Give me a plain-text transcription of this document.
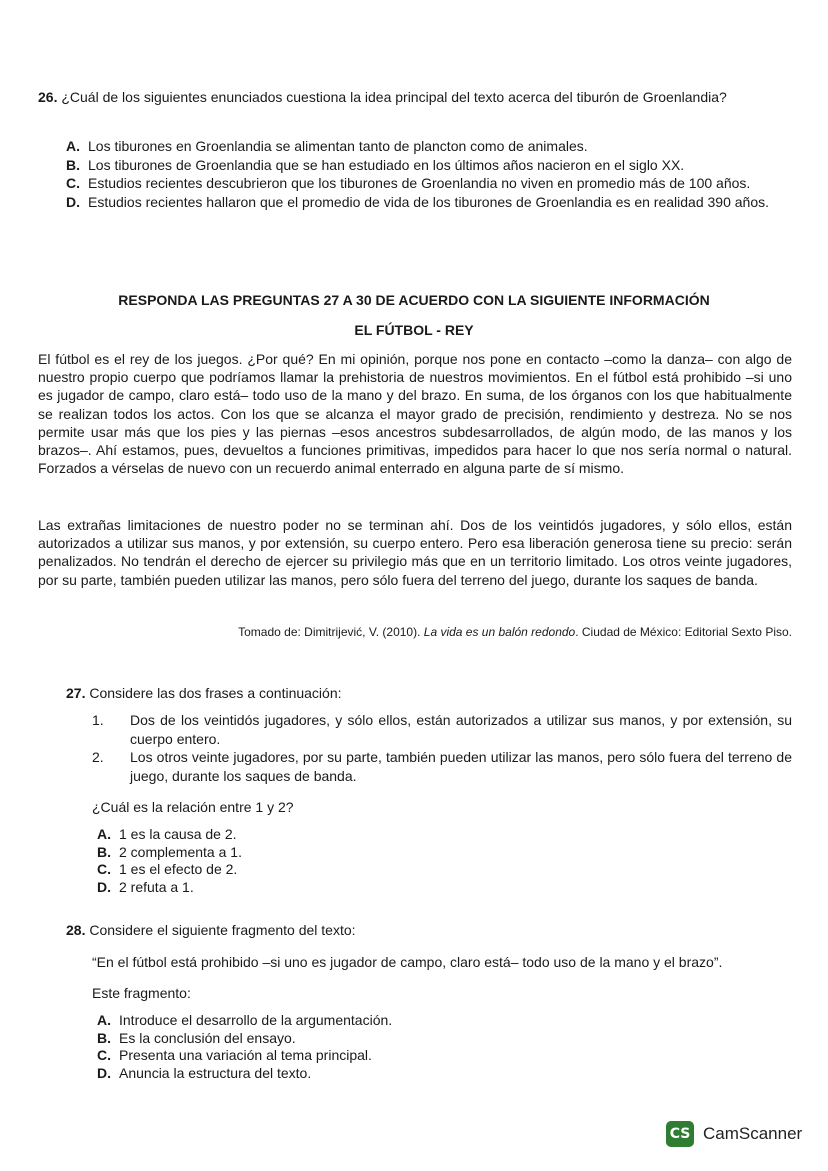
26. ¿Cuál de los siguientes enunciados cuestiona la idea principal del texto acerca del tiburón de Groenlandia?
A. Los tiburones en Groenlandia se alimentan tanto de plancton como de animales.
B. Los tiburones de Groenlandia que se han estudiado en los últimos años nacieron en el siglo XX.
C. Estudios recientes descubrieron que los tiburones de Groenlandia no viven en promedio más de 100 años.
D. Estudios recientes hallaron que el promedio de vida de los tiburones de Groenlandia es en realidad 390 años.
RESPONDA LAS PREGUNTAS 27 A 30 DE ACUERDO CON LA SIGUIENTE INFORMACIÓN
EL FÚTBOL - REY
El fútbol es el rey de los juegos. ¿Por qué? En mi opinión, porque nos pone en contacto –como la danza– con algo de nuestro propio cuerpo que podríamos llamar la prehistoria de nuestros movimientos. En el fútbol está prohibido –si uno es jugador de campo, claro está– todo uso de la mano y del brazo. En suma, de los órganos con los que habitualmente se realizan todos los actos. Con los que se alcanza el mayor grado de precisión, rendimiento y destreza. No se nos permite usar más que los pies y las piernas –esos ancestros subdesarrollados, de algún modo, de las manos y los brazos–. Ahí estamos, pues, devueltos a funciones primitivas, impedidos para hacer lo que nos sería normal o natural. Forzados a vérselas de nuevo con un recuerdo animal enterrado en alguna parte de sí mismo.
Las extrañas limitaciones de nuestro poder no se terminan ahí. Dos de los veintidós jugadores, y sólo ellos, están autorizados a utilizar sus manos, y por extensión, su cuerpo entero. Pero esa liberación generosa tiene su precio: serán penalizados. No tendrán el derecho de ejercer su privilegio más que en un territorio limitado. Los otros veinte jugadores, por su parte, también pueden utilizar las manos, pero sólo fuera del terreno del juego, durante los saques de banda.
Tomado de: Dimitrijević, V. (2010). La vida es un balón redondo. Ciudad de México: Editorial Sexto Piso.
27. Considere las dos frases a continuación:
1.	Dos de los veintidós jugadores, y sólo ellos, están autorizados a utilizar sus manos, y por extensión, su cuerpo entero.
2.	Los otros veinte jugadores, por su parte, también pueden utilizar las manos, pero sólo fuera del terreno de juego, durante los saques de banda.
¿Cuál es la relación entre 1 y 2?
A. 1 es la causa de 2.
B. 2 complementa a 1.
C. 1 es el efecto de 2.
D. 2 refuta a 1.
28. Considere el siguiente fragmento del texto:
“En el fútbol está prohibido –si uno es jugador de campo, claro está– todo uso de la mano y el brazo”.
Este fragmento:
A. Introduce el desarrollo de la argumentación.
B. Es la conclusión del ensayo.
C. Presenta una variación al tema principal.
D. Anuncia la estructura del texto.
CS CamScanner
